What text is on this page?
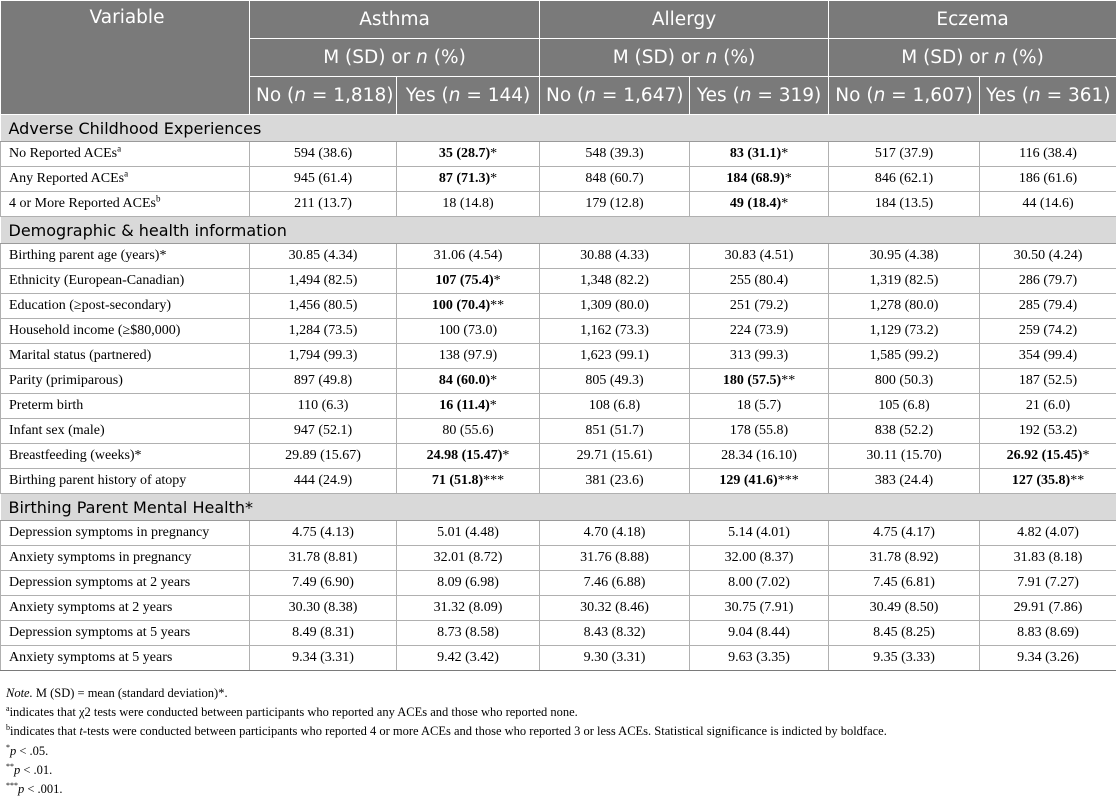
Variable	Asthma		Allergy		Eczema	
	M (SD) or n (%)		M (SD) or n (%)		M (SD) or n (%)	
	No (n = 1,818)	Yes (n = 144)	No (n = 1,647)	Yes (n = 319)	No (n = 1,607)	Yes (n = 361)
Adverse Childhood Experiences						
No Reported ACEs$^a$	594 (38.6)	35 (28.7)*	548 (39.3)	83 (31.1)*	517 (37.9)	116 (38.4)
Any Reported ACEs$^a$	945 (61.4)	87 (71.3)*	848 (60.7)	184 (68.9)*	846 (62.1)	186 (61.6)
4 or More Reported ACEs$^b$	211 (13.7)	18 (14.8)	179 (12.8)	49 (18.4)*	184 (13.5)	44 (14.6)
Demographic & health information						
Birthing parent age (years)*	30.85 (4.34)	31.06 (4.54)	30.88 (4.33)	30.83 (4.51)	30.95 (4.38)	30.50 (4.24)
Ethnicity (European-Canadian)	1,494 (82.5)	107 (75.4)*	1,348 (82.2)	255 (80.4)	1,319 (82.5)	286 (79.7)
Education (≥post-secondary)	1,456 (80.5)	100 (70.4)**	1,309 (80.0)	251 (79.2)	1,278 (80.0)	285 (79.4)
Household income (≥$80,000)	1,284 (73.5)	100 (73.0)	1,162 (73.3)	224 (73.9)	1,129 (73.2)	259 (74.2)
Marital status (partnered)	1,794 (99.3)	138 (97.9)	1,623 (99.1)	313 (99.3)	1,585 (99.2)	354 (99.4)
Parity (primiparous)	897 (49.8)	84 (60.0)*	805 (49.3)	180 (57.5)**	800 (50.3)	187 (52.5)
Preterm birth	110 (6.3)	16 (11.4)*	108 (6.8)	18 (5.7)	105 (6.8)	21 (6.0)
Infant sex (male)	947 (52.1)	80 (55.6)	851 (51.7)	178 (55.8)	838 (52.2)	192 (53.2)
Breastfeeding (weeks)*	29.89 (15.67)	24.98 (15.47)*	29.71 (15.61)	28.34 (16.10)	30.11 (15.70)	26.92 (15.45)*
Birthing parent history of atopy	444 (24.9)	71 (51.8)***	381 (23.6)	129 (41.6)***	383 (24.4)	127 (35.8)**
Birthing Parent Mental Health*						
Depression symptoms in pregnancy	4.75 (4.13)	5.01 (4.48)	4.70 (4.18)	5.14 (4.01)	4.75 (4.17)	4.82 (4.07)
Anxiety symptoms in pregnancy	31.78 (8.81)	32.01 (8.72)	31.76 (8.88)	32.00 (8.37)	31.78 (8.92)	31.83 (8.18)
Depression symptoms at 2 years	7.49 (6.90)	8.09 (6.98)	7.46 (6.88)	8.00 (7.02)	7.45 (6.81)	7.91 (7.27)
Anxiety symptoms at 2 years	30.30 (8.38)	31.32 (8.09)	30.32 (8.46)	30.75 (7.91)	30.49 (8.50)	29.91 (7.86)
Depression symptoms at 5 years	8.49 (8.31)	8.73 (8.58)	8.43 (8.32)	9.04 (8.44)	8.45 (8.25)	8.83 (8.69)
Anxiety symptoms at 5 years	9.34 (3.31)	9.42 (3.42)	9.30 (3.31)	9.63 (3.35)	9.35 (3.33)	9.34 (3.26)
Note. M (SD) = mean (standard deviation)*.
$^a$indicates that χ2 tests were conducted between participants who reported any ACEs and those who reported none.
$^b$indicates that t-tests were conducted between participants who reported 4 or more ACEs and those who reported 3 or less ACEs. Statistical significance is indicted by boldface.
*p < .05.
**p < .01.
***p < .001.
